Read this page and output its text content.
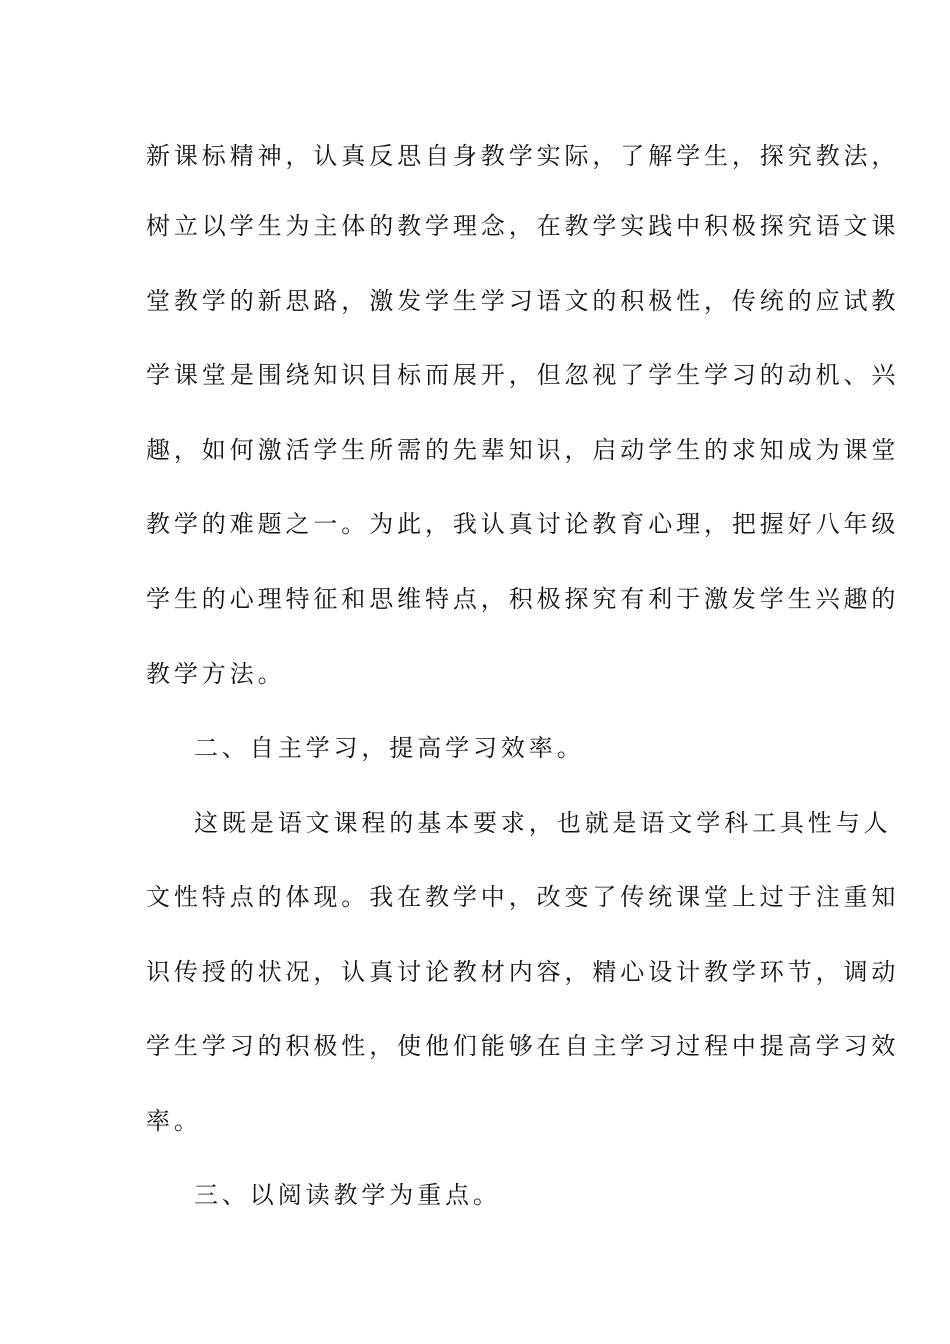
新课标精神，认真反思自身教学实际，了解学生，探究教法，
树立以学生为主体的教学理念，在教学实践中积极探究语文课
堂教学的新思路，激发学生学习语文的积极性，传统的应试教
学课堂是围绕知识目标而展开，但忽视了学生学习的动机、兴
趣，如何激活学生所需的先辈知识，启动学生的求知成为课堂
教学的难题之一。为此，我认真讨论教育心理，把握好八年级
学生的心理特征和思维特点，积极探究有利于激发学生兴趣的
教学方法。
二、自主学习，提高学习效率。
这既是语文课程的基本要求，也就是语文学科工具性与人
文性特点的体现。我在教学中，改变了传统课堂上过于注重知
识传授的状况，认真讨论教材内容，精心设计教学环节，调动
学生学习的积极性，使他们能够在自主学习过程中提高学习效
率。
三、以阅读教学为重点。
